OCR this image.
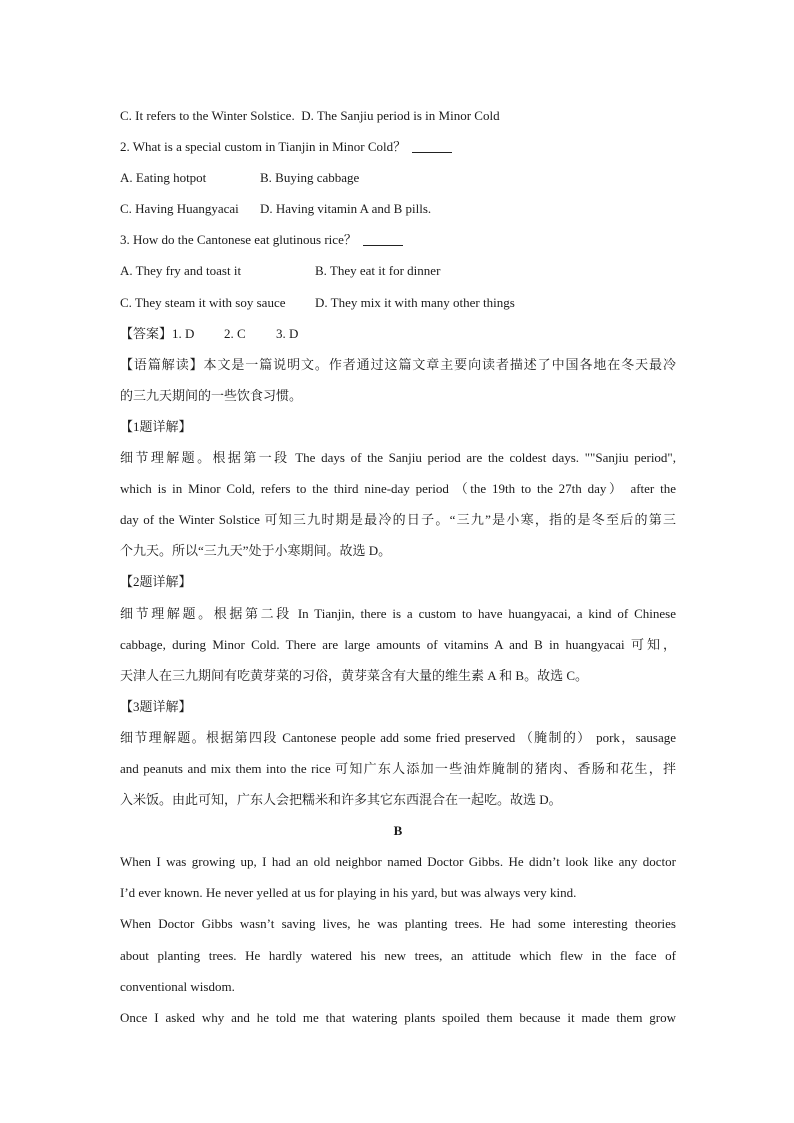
C. It refers to the Winter Solstice. D. The Sanjiu period is in Minor Cold
2. What is a special custom in Tianjin in Minor Cold？
A. Eating hotpot	B. Buying cabbage
C. Having Huangyacai D. Having vitamin A and B pills.
3. How do the Cantonese eat glutinous rice？
A. They fry and toast it	B. They eat it for dinner
C. They steam it with soy sauce D. They mix it with many other things
【答案】1. D 2. C 3. D
【语篇解读】本文是一篇说明文。作者通过这篇文章主要向读者描述了中国各地在冬天最冷
的三九天期间的一些饮食习惯。
【1题详解】
细节理解题。根据第一段 The days of the Sanjiu period are the coldest days. ""Sanjiu period",
which is in Minor Cold, refers to the third nine-day period （the 19th to the 27th day） after the
day of the Winter Solstice 可知三九时期是最冷的日子。“三九”是小寒，指的是冬至后的第三
个九天。所以“三九天”处于小寒期间。故选 D。
【2题详解】
细节理解题。根据第二段 In Tianjin, there is a custom to have huangyacai, a kind of Chinese
cabbage, during Minor Cold. There are large amounts of vitamins A and B in huangyacai 可知，
天津人在三九期间有吃黄芽菜的习俗，黄芽菜含有大量的维生素 A 和 B。故选 C。
【3题详解】
细节理解题。根据第四段 Cantonese people add some fried preserved （腌制的） pork，sausage
and peanuts and mix them into the rice 可知广东人添加一些油炸腌制的猪肉、香肠和花生，拌
入米饭。由此可知，广东人会把糯米和许多其它东西混合在一起吃。故选 D。
B
When I was growing up, I had an old neighbor named Doctor Gibbs. He didn’t look like any doctor
I’d ever known. He never yelled at us for playing in his yard, but was always very kind.
When Doctor Gibbs wasn’t saving lives, he was planting trees. He had some interesting theories
about planting trees. He hardly watered his new trees, an attitude which flew in the face of
conventional wisdom.
Once I asked why and he told me that watering plants spoiled them because it made them grow
